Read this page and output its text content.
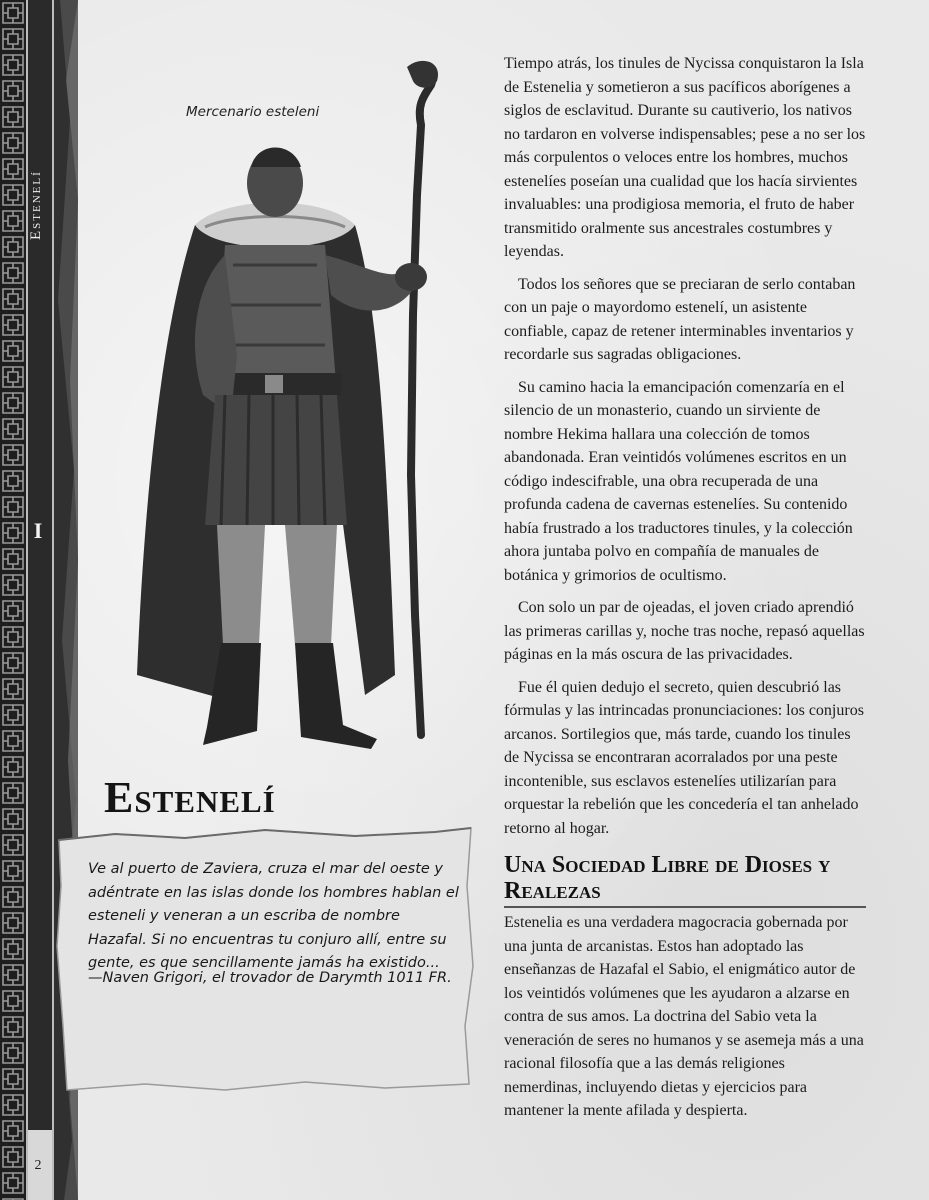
Estenelí
I
Mercenario esteleni
Estenelí
Ve al puerto de Zaviera, cruza el mar del oeste y adéntrate en las islas donde los hombres hablan el esteneli y veneran a un escriba de nombre Hazafal. Si no encuentras tu conjuro allí, entre su gente, es que sencillamente jamás ha existido...
—Naven Grigori, el trovador de Darymth 1011 FR.

Tiempo atrás, los tinules de Nycissa conquistaron la Isla de Estenelia y sometieron a sus pacíficos aborígenes a siglos de esclavitud. Durante su cautiverio, los nativos no tardaron en volverse indispensables; pese a no ser los más corpulentos o veloces entre los hombres, muchos estenelíes poseían una cualidad que los hacía sirvientes invaluables: una prodigiosa memoria, el fruto de haber transmitido oralmente sus ancestrales costumbres y leyendas.

Todos los señores que se preciaran de serlo contaban con un paje o mayordomo estenelí, un asistente confiable, capaz de retener interminables inventarios y recordarle sus sagradas obligaciones.

Su camino hacia la emancipación comenzaría en el silencio de un monasterio, cuando un sirviente de nombre Hekima hallara una colección de tomos abandonada. Eran veintidós volúmenes escritos en un código indescifrable, una obra recuperada de una profunda cadena de cavernas estenelíes. Su contenido había frustrado a los traductores tinules, y la colección ahora juntaba polvo en compañía de manuales de botánica y grimorios de ocultismo.

Con solo un par de ojeadas, el joven criado aprendió las primeras carillas y, noche tras noche, repasó aquellas páginas en la más oscura de las privacidades.

Fue él quien dedujo el secreto, quien descubrió las fórmulas y las intrincadas pronunciaciones: los conjuros arcanos. Sortilegios que, más tarde, cuando los tinules de Nycissa se encontraran acorralados por una peste incontenible, sus esclavos estenelíes utilizarían para orquestar la rebelión que les concedería el tan anhelado retorno al hogar.

Una Sociedad Libre de Dioses y Realezas

Estenelia es una verdadera magocracia gobernada por una junta de arcanistas. Estos han adoptado las enseñanzas de Hazafal el Sabio, el enigmático autor de los veintidós volúmenes que les ayudaron a alzarse en contra de sus amos. La doctrina del Sabio veta la veneración de seres no humanos y se asemeja más a una racional filosofía que a las demás religiones nemerdinas, incluyendo dietas y ejercicios para mantener la mente afilada y despierta.

2
